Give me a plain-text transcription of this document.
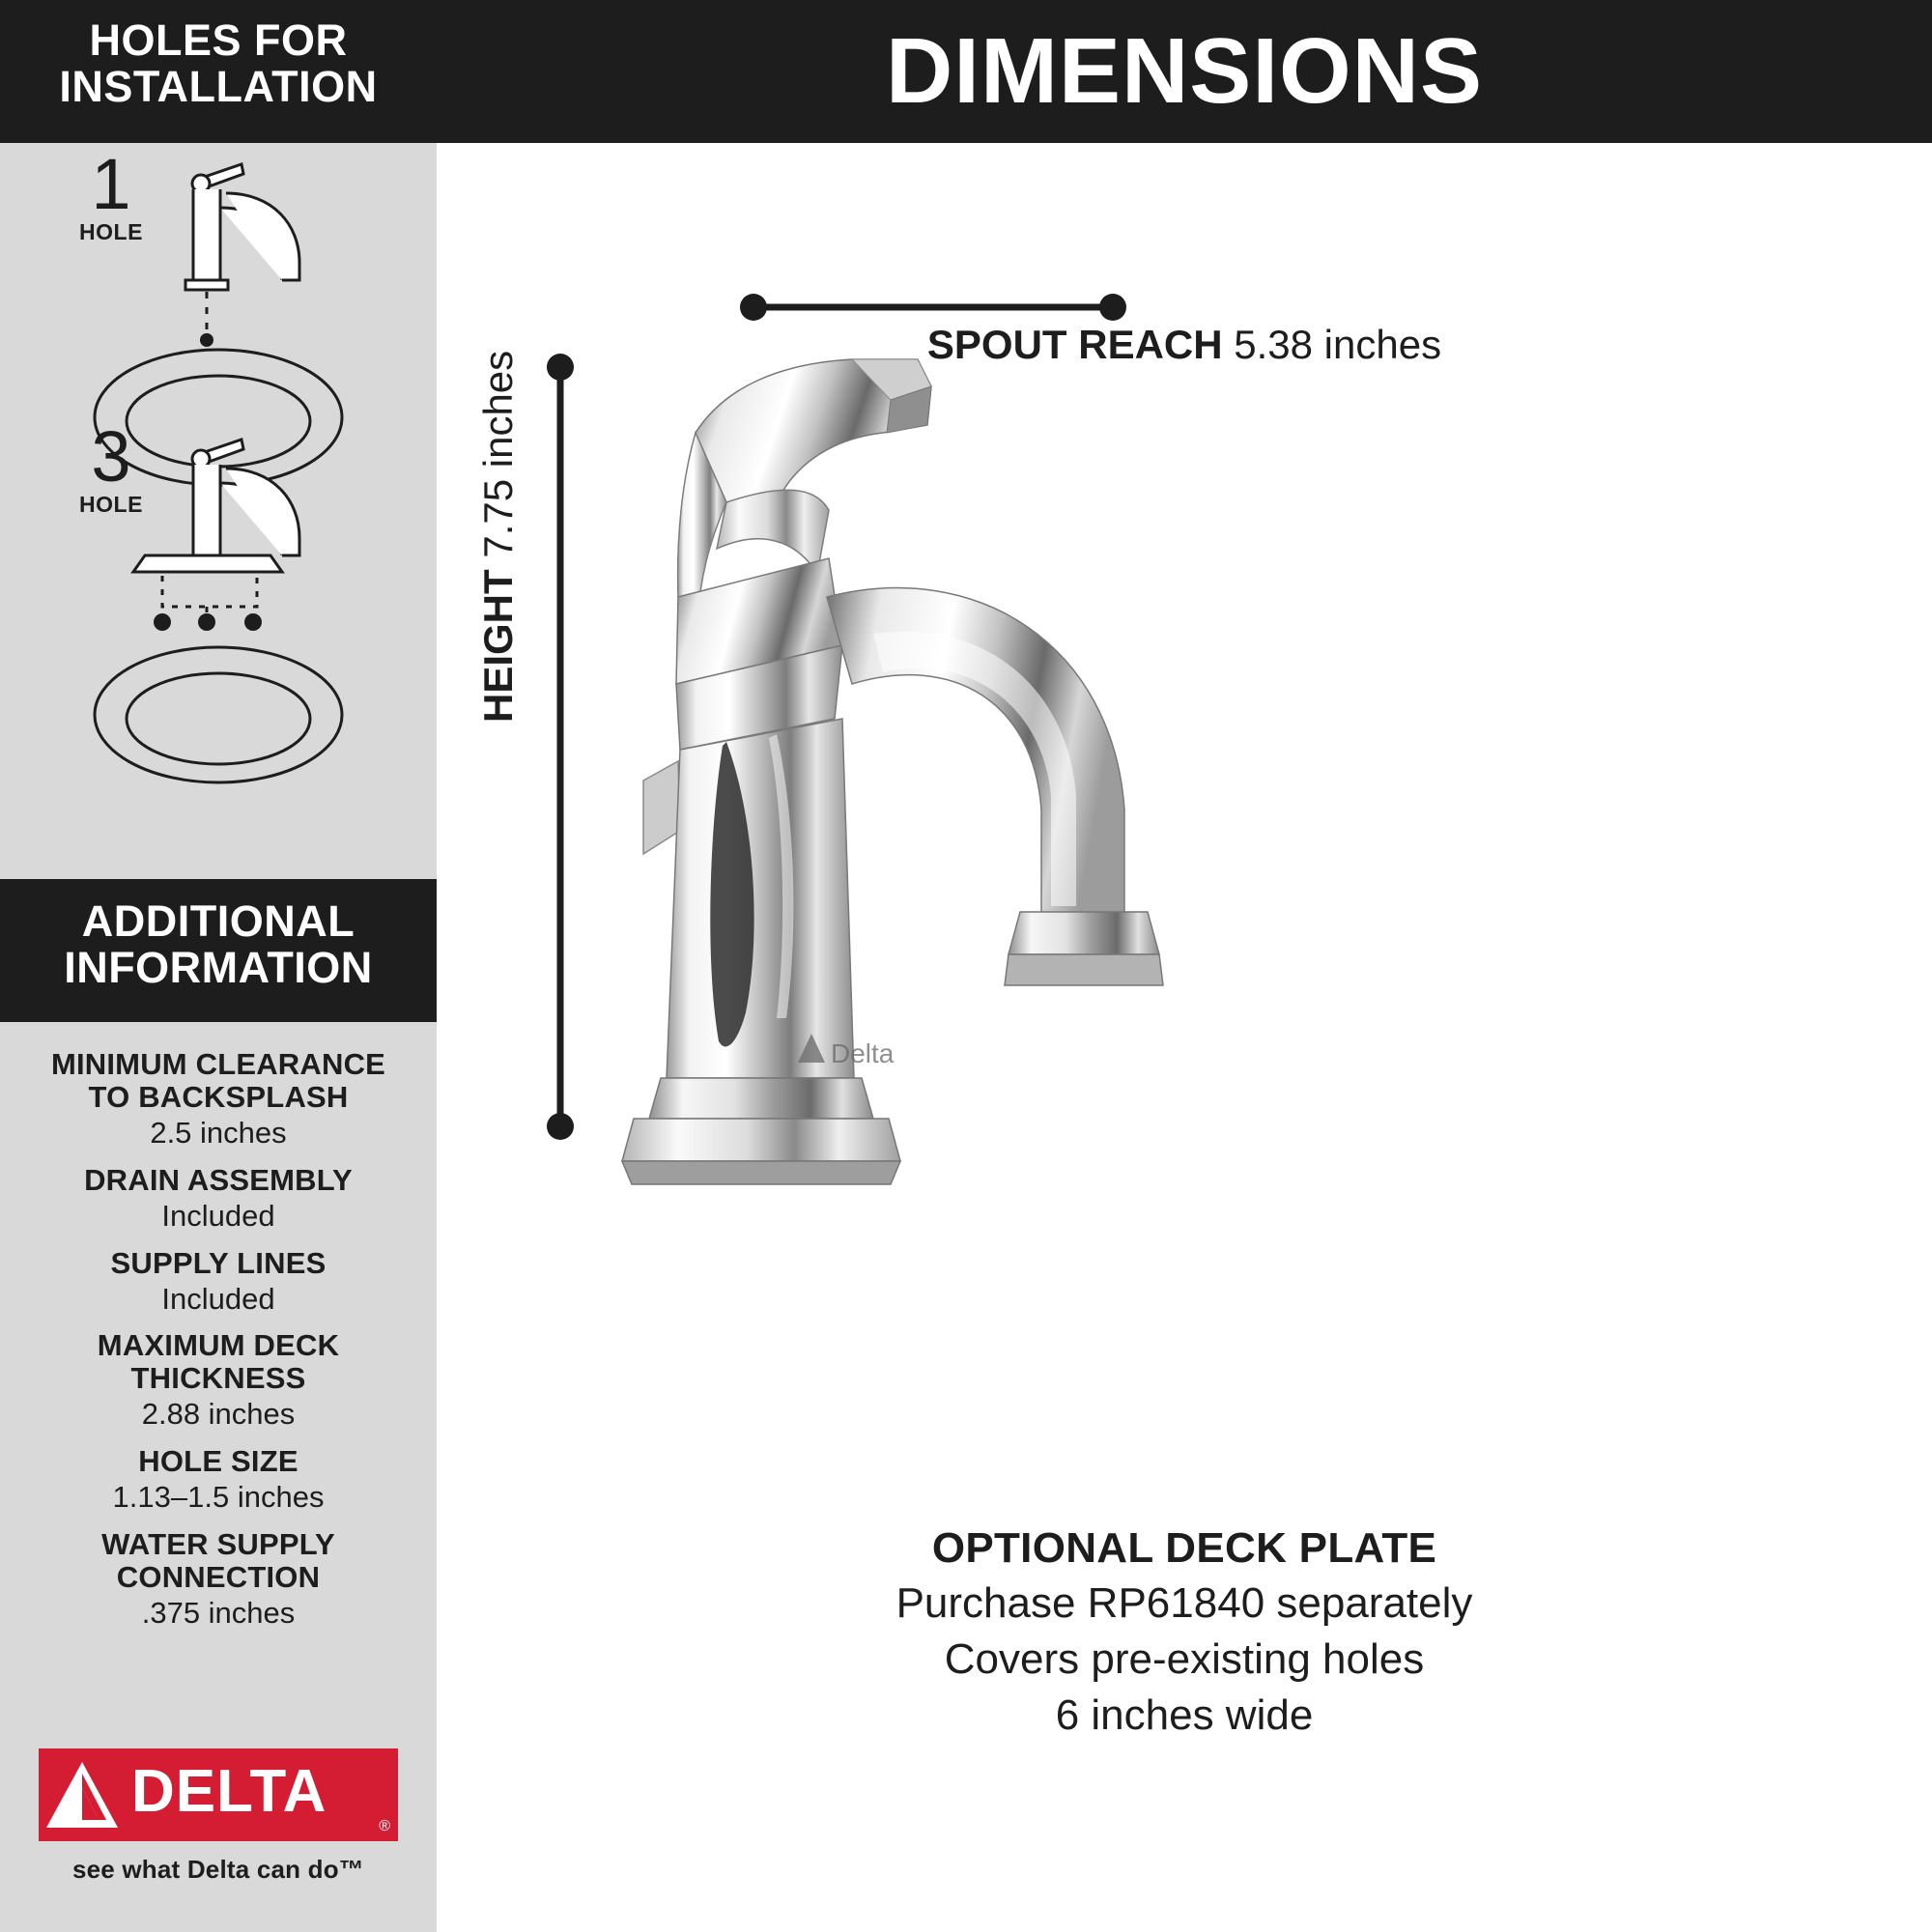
HOLES FOR
INSTALLATION
1
HOLE
3
HOLE
ADDITIONAL
INFORMATION
MINIMUM CLEARANCE
TO BACKSPLASH
2.5 inches
DRAIN ASSEMBLY
Included
SUPPLY LINES
Included
MAXIMUM DECK
THICKNESS
2.88 inches
HOLE SIZE
1.13–1.5 inches
WATER SUPPLY
CONNECTION
.375 inches
DELTA
®
see what Delta can do™
DIMENSIONS
SPOUT REACH 5.38 inches
HEIGHT 7.75 inches
Delta
OPTIONAL DECK PLATE
Purchase RP61840 separately
Covers pre-existing holes
6 inches wide
